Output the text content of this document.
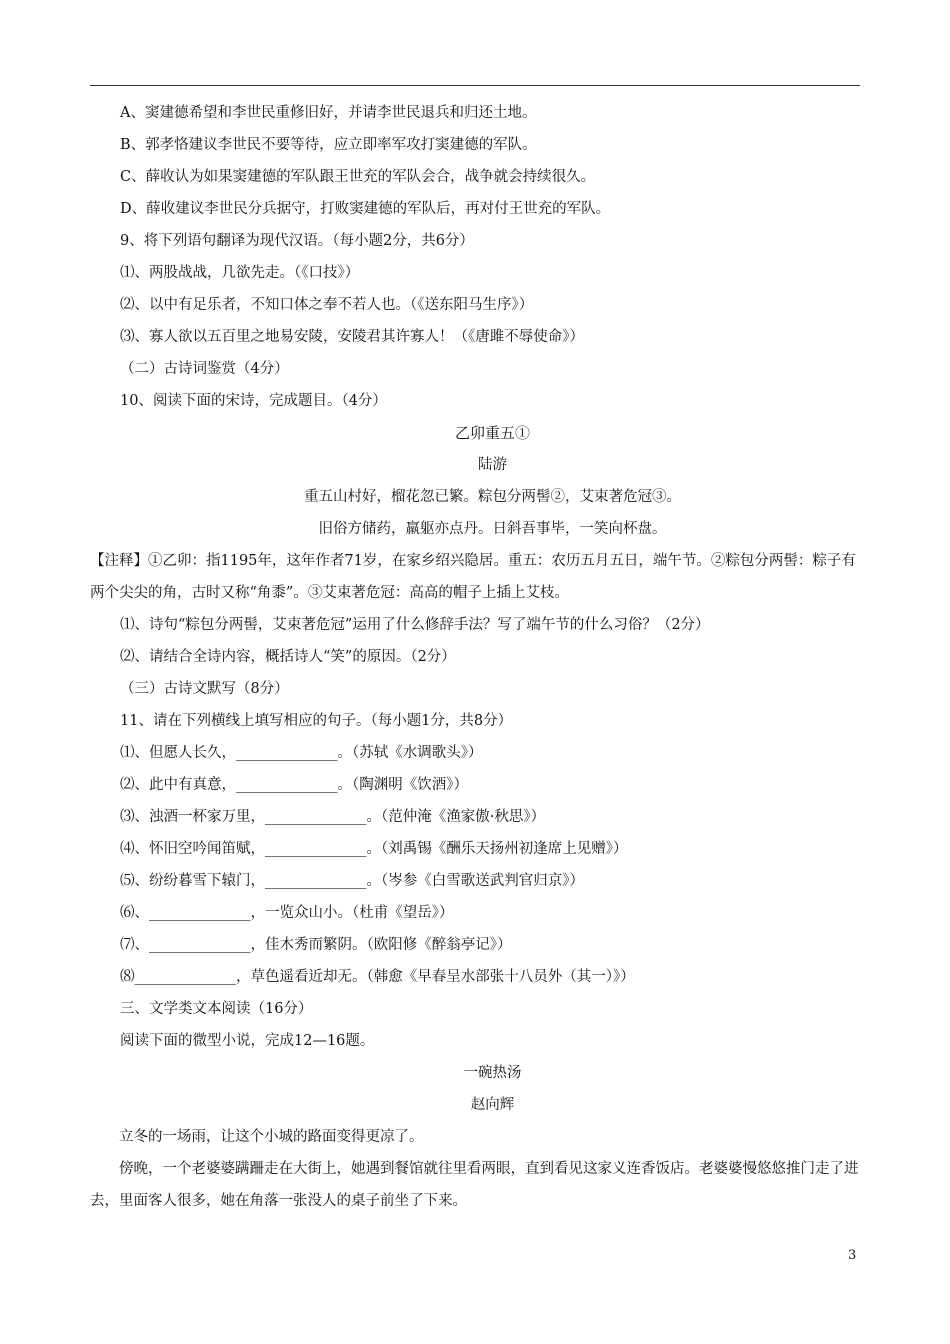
A、窦建德希望和李世民重修旧好，并请李世民退兵和归还土地。
B、郭孝恪建议李世民不要等待，应立即率军攻打窦建德的军队。
C、薛收认为如果窦建德的军队跟王世充的军队会合，战争就会持续很久。
D、薛收建议李世民分兵据守，打败窦建德的军队后，再对付王世充的军队。
9、将下列语句翻译为现代汉语。（每小题2分，共6分）
⑴、两股战战，几欲先走。（《口技》）
⑵、以中有足乐者，不知口体之奉不若人也。（《送东阳马生序》）
⑶、寡人欲以五百里之地易安陵，安陵君其许寡人！（《唐雎不辱使命》）
（二）古诗词鉴赏（4分）
10、阅读下面的宋诗，完成题目。（4分）
乙卯重五①
陆游
重五山村好，榴花忽已繁。粽包分两髻②，艾束著危冠③。
旧俗方储药，羸躯亦点丹。日斜吾事毕，一笑向杯盘。
【注释】①乙卯：指1195年，这年作者71岁，在家乡绍兴隐居。重五：农历五月五日，端午节。②粽包分两髻：粽子有两个尖尖的角，古时又称“角黍”。③艾束著危冠：高高的帽子上插上艾枝。
⑴、诗句“粽包分两髻，艾束著危冠”运用了什么修辞手法？写了端午节的什么习俗？（2分）
⑵、请结合全诗内容，概括诗人“笑”的原因。（2分）
（三）古诗文默写（8分）
11、请在下列横线上填写相应的句子。（每小题1分，共8分）
⑴、但愿人长久，______________。（苏轼《水调歌头》）
⑵、此中有真意，______________。（陶渊明《饮酒》）
⑶、浊酒一杯家万里，______________。（范仲淹《渔家傲·秋思》）
⑷、怀旧空吟闻笛赋，______________。（刘禹锡《酬乐天扬州初逢席上见赠》）
⑸、纷纷暮雪下辕门，______________。（岑参《白雪歌送武判官归京》）
⑹、______________，一览众山小。（杜甫《望岳》）
⑺、______________，佳木秀而繁阴。（欧阳修《醉翁亭记》）
⑻______________，草色遥看近却无。（韩愈《早春呈水部张十八员外（其一）》）
三、文学类文本阅读（16分）
阅读下面的微型小说，完成12—16题。
一碗热汤
赵向辉
立冬的一场雨，让这个小城的路面变得更凉了。
傍晚，一个老婆婆蹒跚走在大街上，她遇到餐馆就往里看两眼，直到看见这家义连香饭店。老婆婆慢悠悠推门走了进去，里面客人很多，她在角落一张没人的桌子前坐了下来。
3
